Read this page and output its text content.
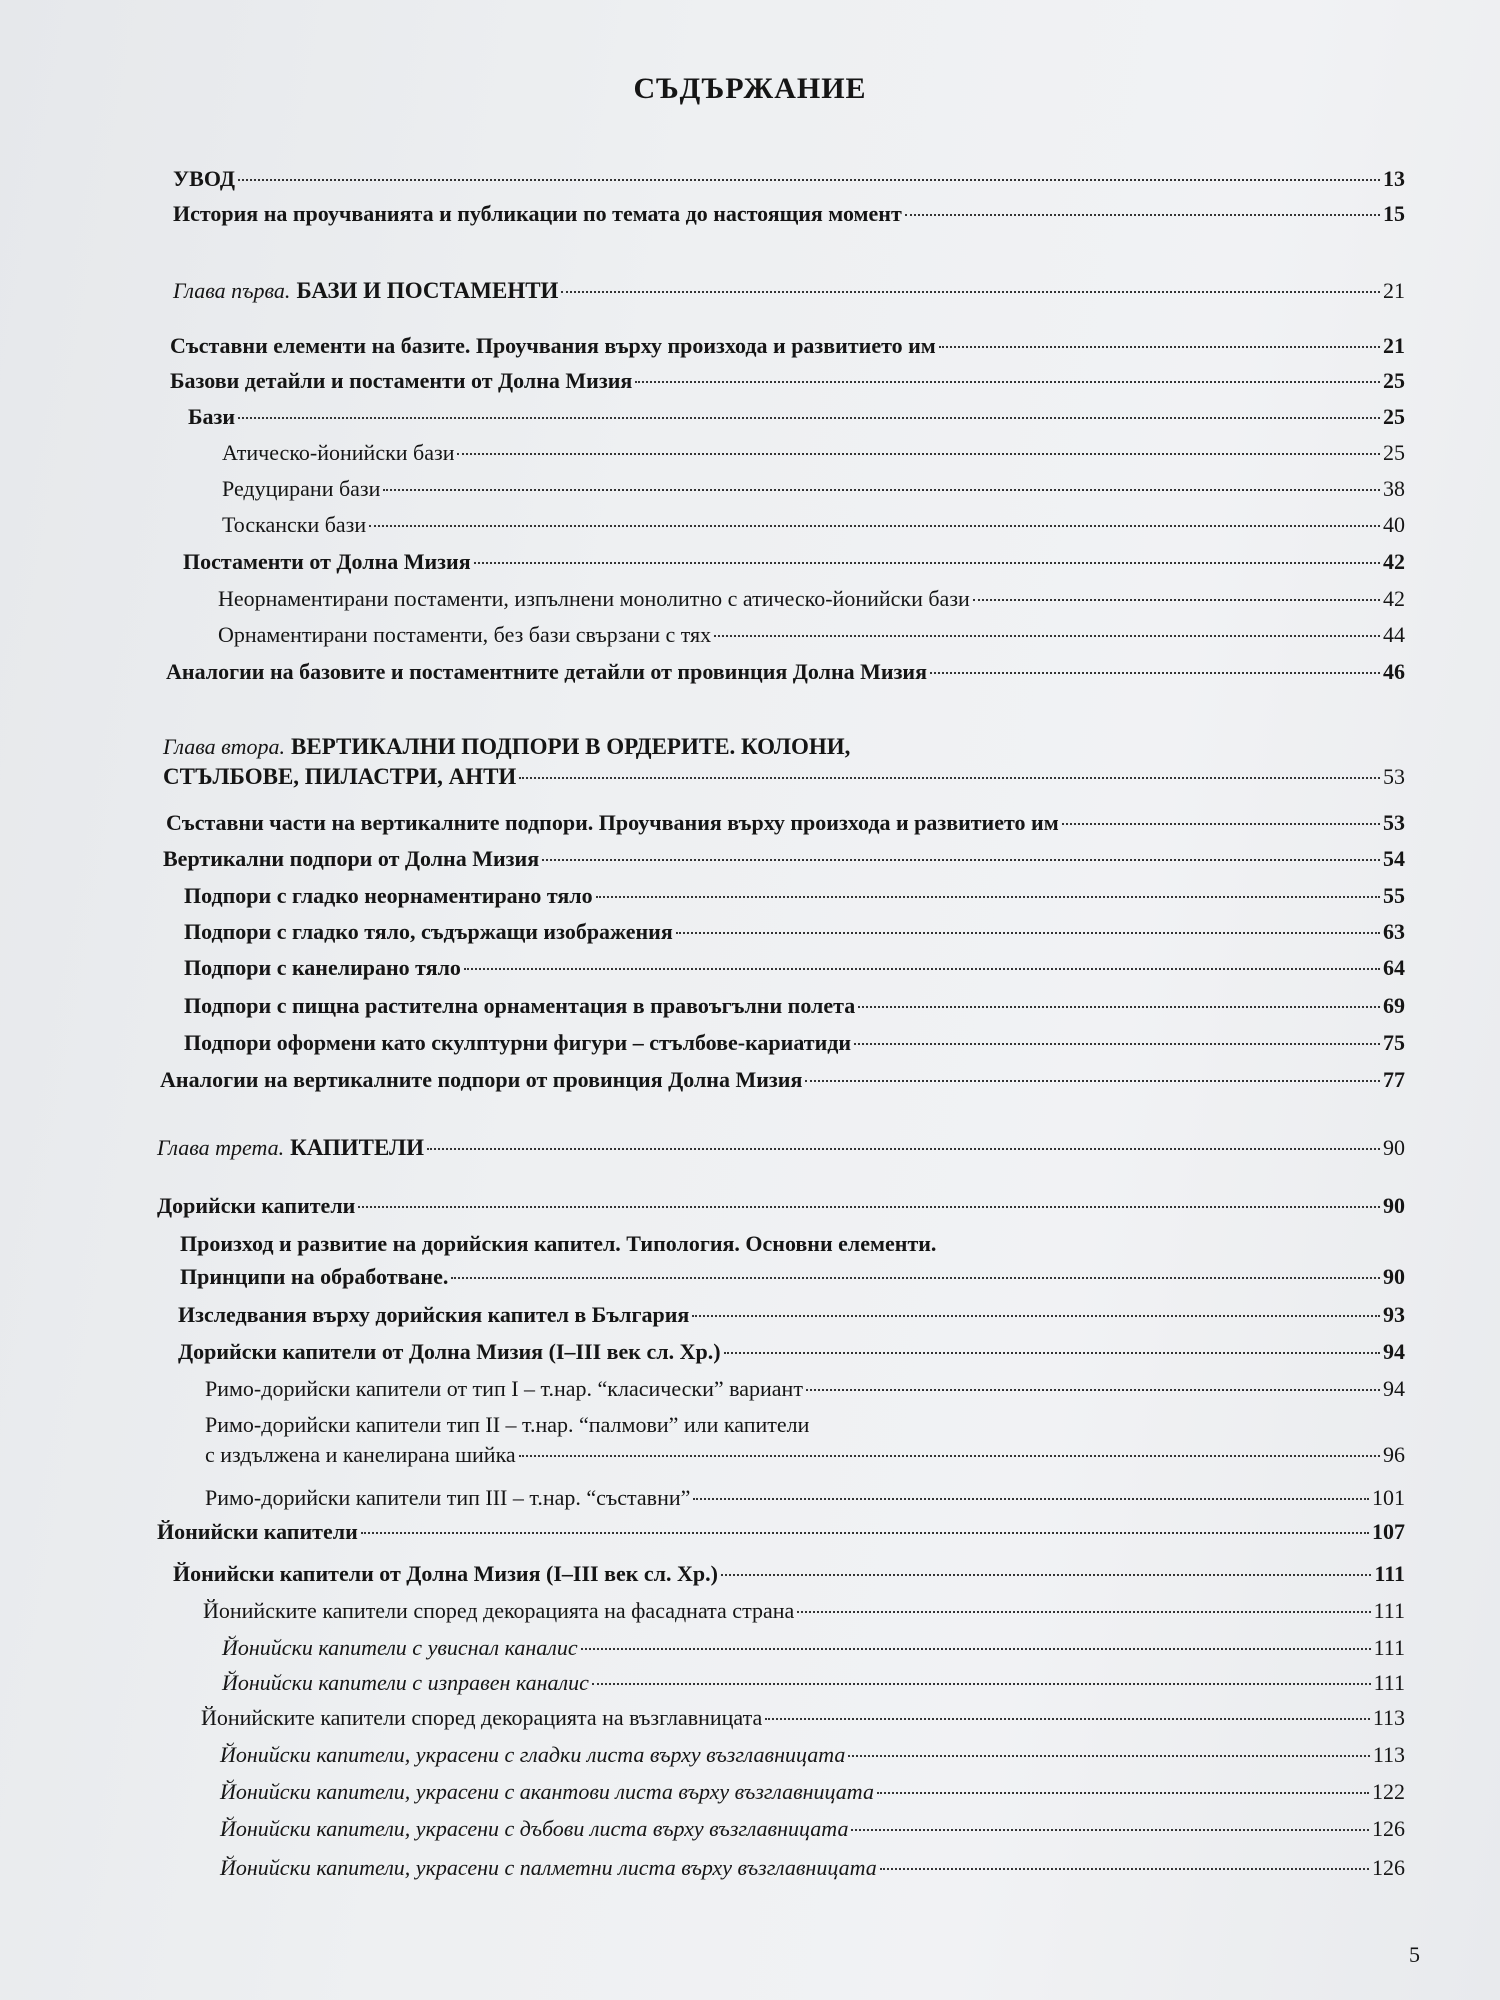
СЪДЪРЖАНИЕ
УВОД	13
История на проучванията и публикации по темата до настоящия момент	15
Глава първа. БАЗИ И ПОСТАМЕНТИ	21
Съставни елементи на базите. Проучвания върху произхода и развитието им	21
Базови детайли и постаменти от Долна Мизия	25
Бази	25
Атическо-йонийски бази	25
Редуцирани бази	38
Тоскански бази	40
Постаменти от Долна Мизия	42
Неорнаментирани постаменти, изпълнени монолитно с атическо-йонийски бази	42
Орнаментирани постаменти, без бази свързани с тях	44
Аналогии на базовите и постаментните детайли от провинция Долна Мизия	46
Глава втора. ВЕРТИКАЛНИ ПОДПОРИ В ОРДЕРИТЕ. КОЛОНИ,
СТЪЛБОВЕ, ПИЛАСТРИ, АНТИ	53
Съставни части на вертикалните подпори. Проучвания върху произхода и развитието им	53
Вертикални подпори от Долна Мизия	54
Подпори с гладко неорнаментирано тяло	55
Подпори с гладко тяло, съдържащи изображения	63
Подпори с канелирано тяло	64
Подпори с пищна растителна орнаментация в правоъгълни полета	69
Подпори оформени като скулптурни фигури – стълбове-кариатиди	75
Аналогии на вертикалните подпори от провинция Долна Мизия	77
Глава трета. КАПИТЕЛИ	90
Дорийски капители	90
Произход и развитие на дорийския капител. Типология. Основни елементи.
Принципи на обработване.	90
Изследвания върху дорийския капител в България	93
Дорийски капители от Долна Мизия (I–III век сл. Хр.)	94
Римо-дорийски капители от тип I – т.нар. “класически” вариант	94
Римо-дорийски капители тип II – т.нар. “палмови” или капители
с издължена и канелирана шийка	96
Римо-дорийски капители тип III – т.нар. “съставни”	101
Йонийски капители	107
Йонийски капители от Долна Мизия (I–III век сл. Хр.)	111
Йонийските капители според декорацията на фасадната страна	111
Йонийски капители с увиснал каналис	111
Йонийски капители с изправен каналис	111
Йонийските капители според декорацията на възглавницата	113
Йонийски капители, украсени с гладки листа върху възглавницата	113
Йонийски капители, украсени с акантови листа върху възглавницата	122
Йонийски капители, украсени с дъбови листа върху възглавницата	126
Йонийски капители, украсени с палметни листа върху възглавницата	126
5
